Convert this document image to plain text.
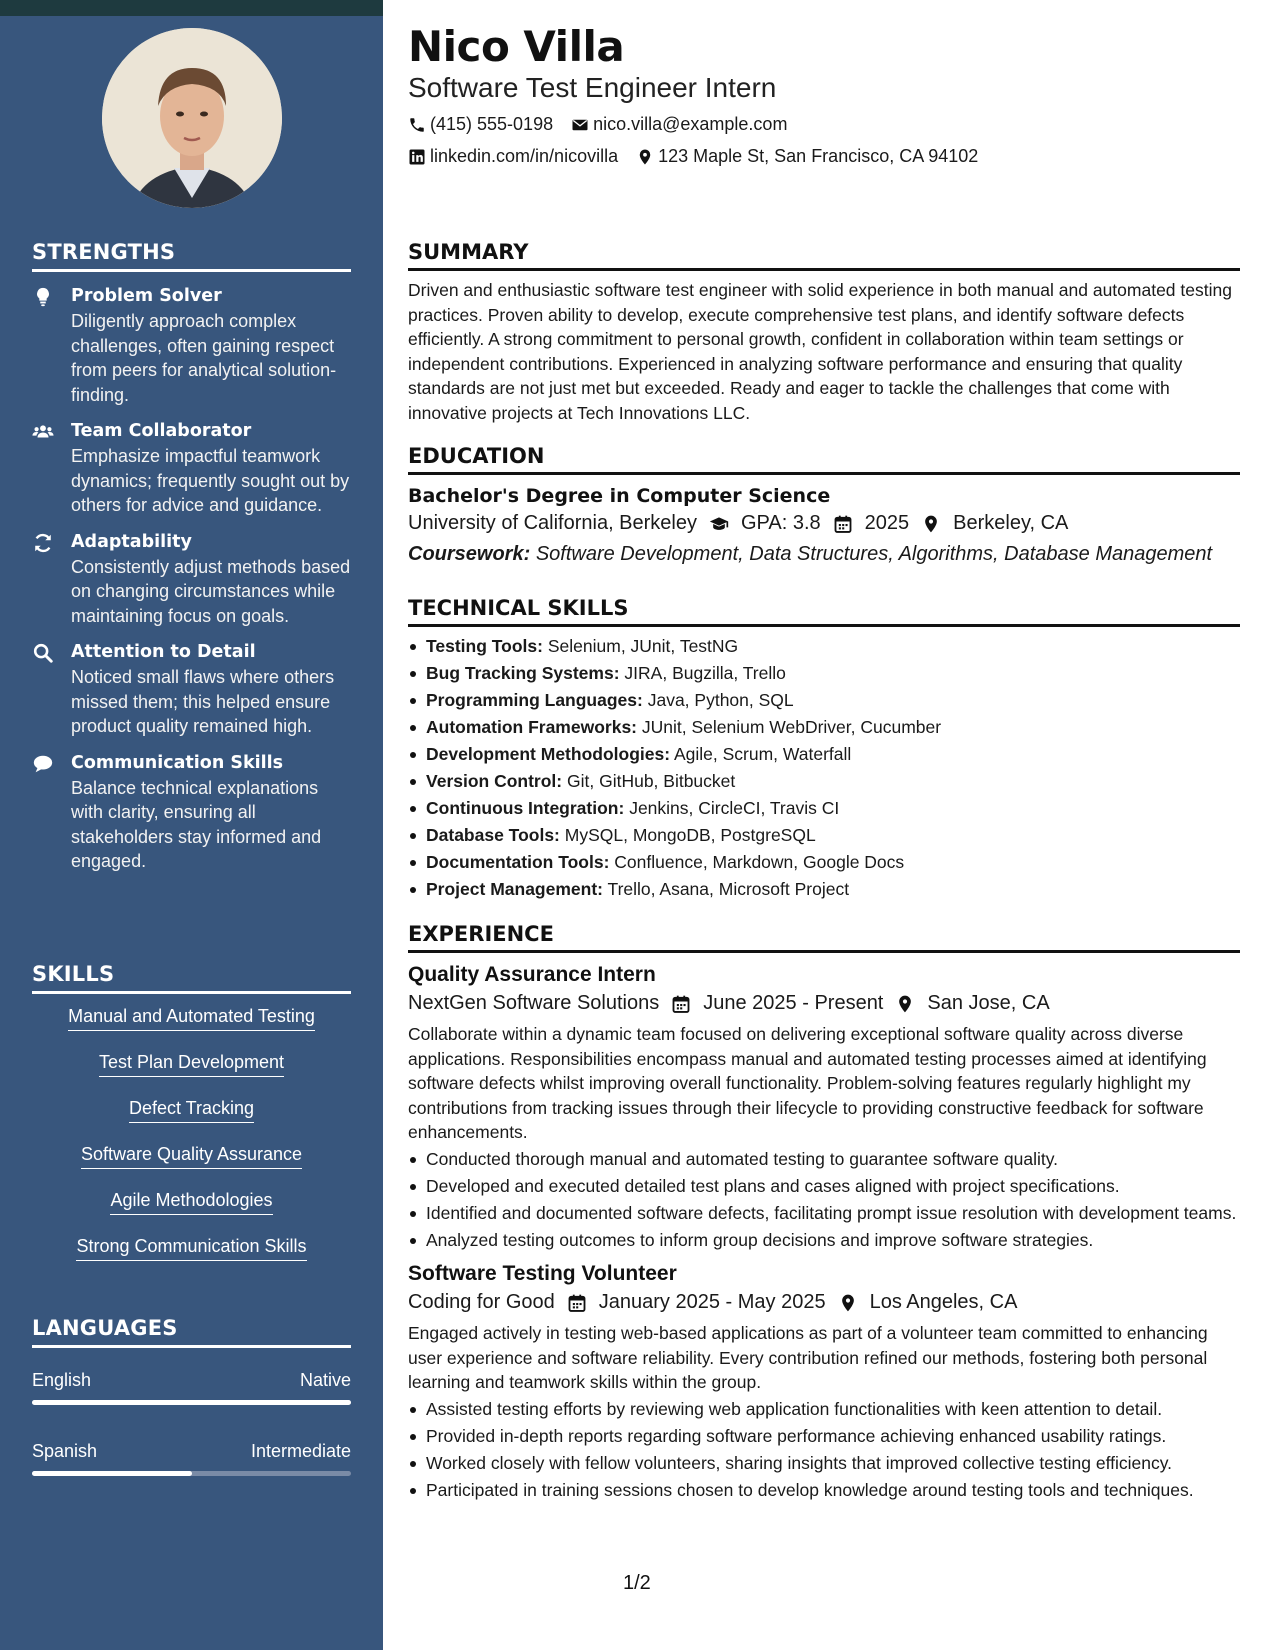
STRENGTHS
Problem Solver
Diligently approach complex challenges, often gaining respect from peers for analytical solution-finding.
Team Collaborator
Emphasize impactful teamwork dynamics; frequently sought out by others for advice and guidance.
Adaptability
Consistently adjust methods based on changing circumstances while maintaining focus on goals.
Attention to Detail
Noticed small flaws where others missed them; this helped ensure product quality remained high.
Communication Skills
Balance technical explanations with clarity, ensuring all stakeholders stay informed and engaged.
SKILLS
Manual and Automated Testing
Test Plan Development
Defect Tracking
Software Quality Assurance
Agile Methodologies
Strong Communication Skills
LANGUAGES
English	Native
Spanish	Intermediate
Nico Villa
Software Test Engineer Intern
(415) 555-0198 nico.villa@example.com
linkedin.com/in/nicovilla 123 Maple St, San Francisco, CA 94102
SUMMARY
Driven and enthusiastic software test engineer with solid experience in both manual and automated testing practices. Proven ability to develop, execute comprehensive test plans, and identify software defects efficiently. A strong commitment to personal growth, confident in collaboration within team settings or independent contributions. Experienced in analyzing software performance and ensuring that quality standards are not just met but exceeded. Ready and eager to tackle the challenges that come with innovative projects at Tech Innovations LLC.
EDUCATION
Bachelor's Degree in Computer Science
University of California, Berkeley GPA: 3.8 2025 Berkeley, CA
Coursework: Software Development, Data Structures, Algorithms, Database Management
TECHNICAL SKILLS
Testing Tools: Selenium, JUnit, TestNG
Bug Tracking Systems: JIRA, Bugzilla, Trello
Programming Languages: Java, Python, SQL
Automation Frameworks: JUnit, Selenium WebDriver, Cucumber
Development Methodologies: Agile, Scrum, Waterfall
Version Control: Git, GitHub, Bitbucket
Continuous Integration: Jenkins, CircleCI, Travis CI
Database Tools: MySQL, MongoDB, PostgreSQL
Documentation Tools: Confluence, Markdown, Google Docs
Project Management: Trello, Asana, Microsoft Project
EXPERIENCE
Quality Assurance Intern
NextGen Software Solutions June 2025 - Present San Jose, CA
Collaborate within a dynamic team focused on delivering exceptional software quality across diverse applications. Responsibilities encompass manual and automated testing processes aimed at identifying software defects whilst improving overall functionality. Problem-solving features regularly highlight my contributions from tracking issues through their lifecycle to providing constructive feedback for software enhancements.
Conducted thorough manual and automated testing to guarantee software quality.
Developed and executed detailed test plans and cases aligned with project specifications.
Identified and documented software defects, facilitating prompt issue resolution with development teams.
Analyzed testing outcomes to inform group decisions and improve software strategies.
Software Testing Volunteer
Coding for Good January 2025 - May 2025 Los Angeles, CA
Engaged actively in testing web-based applications as part of a volunteer team committed to enhancing user experience and software reliability. Every contribution refined our methods, fostering both personal learning and teamwork skills within the group.
Assisted testing efforts by reviewing web application functionalities with keen attention to detail.
Provided in-depth reports regarding software performance achieving enhanced usability ratings.
Worked closely with fellow volunteers, sharing insights that improved collective testing efficiency.
Participated in training sessions chosen to develop knowledge around testing tools and techniques.
1/2
